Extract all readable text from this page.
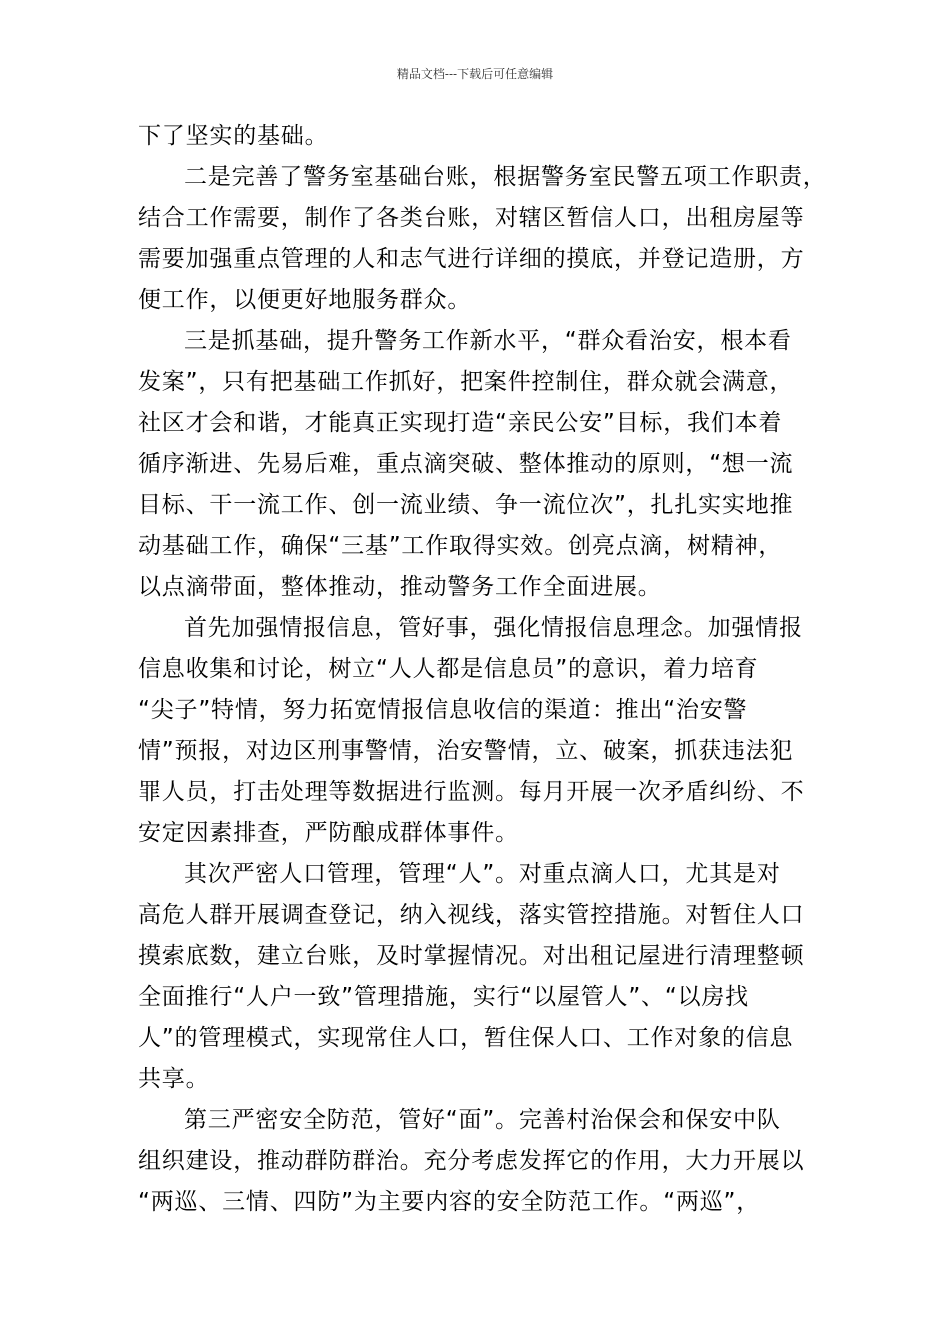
精品文档---下载后可任意编辑
下了坚实的基础。
二是完善了警务室基础台账，根据警务室民警五项工作职责，
结合工作需要，制作了各类台账，对辖区暂信人口，出租房屋等
需要加强重点管理的人和志气进行详细的摸底，并登记造册，方
便工作，以便更好地服务群众。
三是抓基础，提升警务工作新水平，“群众看治安，根本看
发案”，只有把基础工作抓好，把案件控制住，群众就会满意，
社区才会和谐，才能真正实现打造“亲民公安”目标，我们本着
循序渐进、先易后难，重点滴突破、整体推动的原则，“想一流
目标、干一流工作、创一流业绩、争一流位次”，扎扎实实地推
动基础工作，确保“三基”工作取得实效。创亮点滴，树精神，
以点滴带面，整体推动，推动警务工作全面进展。
首先加强情报信息，管好事，强化情报信息理念。加强情报
信息收集和讨论，树立“人人都是信息员”的意识，着力培育
“尖子”特情，努力拓宽情报信息收信的渠道：推出“治安警
情”预报，对边区刑事警情，治安警情，立、破案，抓获违法犯
罪人员，打击处理等数据进行监测。每月开展一次矛盾纠纷、不
安定因素排查，严防酿成群体事件。
其次严密人口管理，管理“人”。对重点滴人口，尤其是对
高危人群开展调查登记，纳入视线，落实管控措施。对暂住人口
摸索底数，建立台账，及时掌握情况。对出租记屋进行清理整顿
全面推行“人户一致”管理措施，实行“以屋管人”、“以房找
人”的管理模式，实现常住人口，暂住保人口、工作对象的信息
共享。
第三严密安全防范，管好“面”。完善村治保会和保安中队
组织建设，推动群防群治。充分考虑发挥它的作用，大力开展以
“两巡、三情、四防”为主要内容的安全防范工作。“两巡”，
